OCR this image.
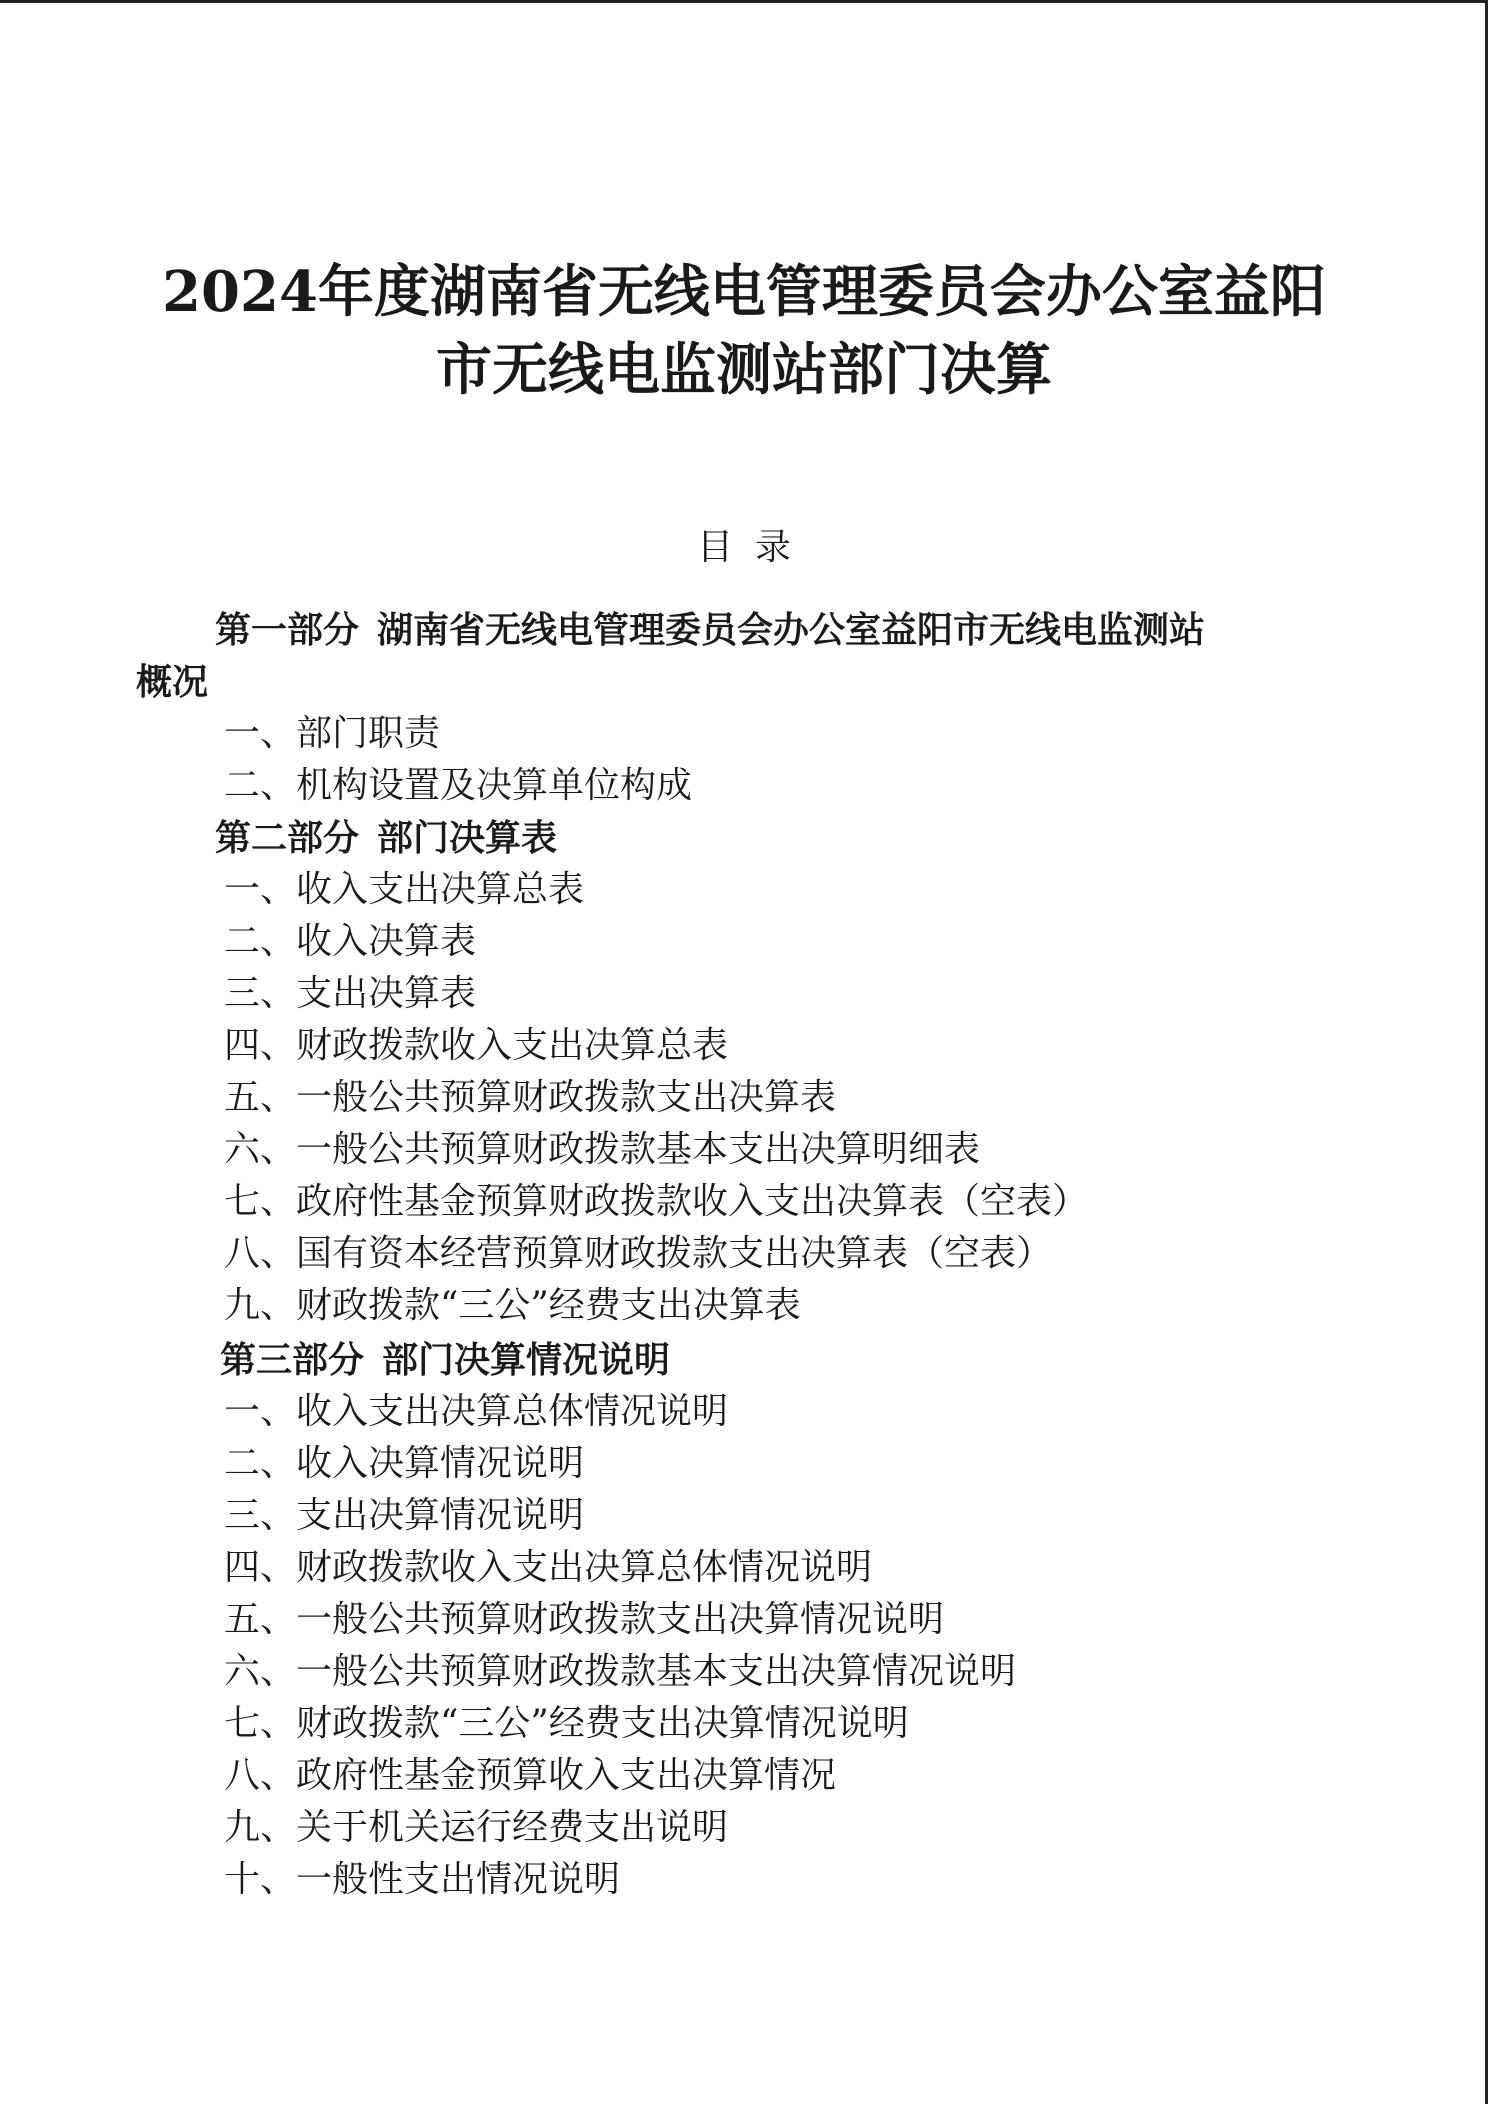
2024年度湖南省无线电管理委员会办公室益阳
市无线电监测站部门决算
目录
第一部分 湖南省无线电管理委员会办公室益阳市无线电监测站
概况
一、部门职责
二、机构设置及决算单位构成
第二部分 部门决算表
一、收入支出决算总表
二、收入决算表
三、支出决算表
四、财政拨款收入支出决算总表
五、一般公共预算财政拨款支出决算表
六、一般公共预算财政拨款基本支出决算明细表
七、政府性基金预算财政拨款收入支出决算表（空表）
八、国有资本经营预算财政拨款支出决算表（空表）
九、财政拨款“三公”经费支出决算表
第三部分 部门决算情况说明
一、收入支出决算总体情况说明
二、收入决算情况说明
三、支出决算情况说明
四、财政拨款收入支出决算总体情况说明
五、一般公共预算财政拨款支出决算情况说明
六、一般公共预算财政拨款基本支出决算情况说明
七、财政拨款“三公”经费支出决算情况说明
八、政府性基金预算收入支出决算情况
九、关于机关运行经费支出说明
十、一般性支出情况说明
